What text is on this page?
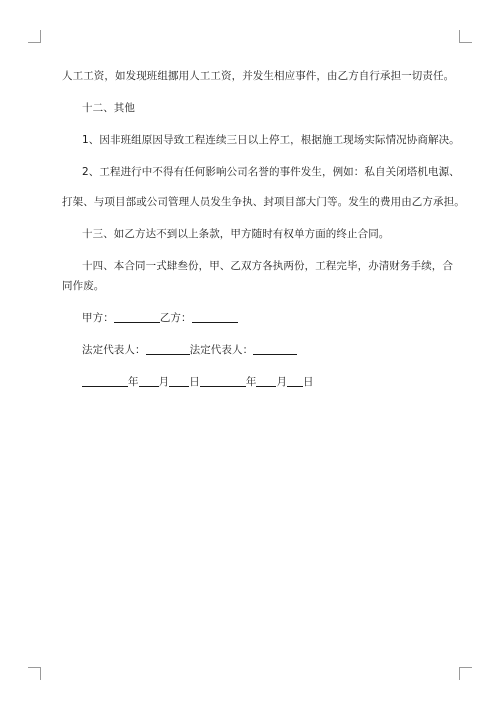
人工工资，如发现班组挪用人工工资，并发生相应事件，由乙方自行承担一切责任。
十二、其他
1、因非班组原因导致工程连续三日以上停工，根据施工现场实际情况协商解决。
2、工程进行中不得有任何影响公司名誉的事件发生，例如：私自关闭塔机电源、
打架、与项目部或公司管理人员发生争执、封项目部大门等。发生的费用由乙方承担。
十三、如乙方达不到以上条款，甲方随时有权单方面的终止合同。
十四、本合同一式肆叁份，甲、乙双方各执两份，工程完毕，办清财务手续，合
同作废。
甲方：	乙方：
法定代表人：	法定代表人：
年 月 日	年 月 日
